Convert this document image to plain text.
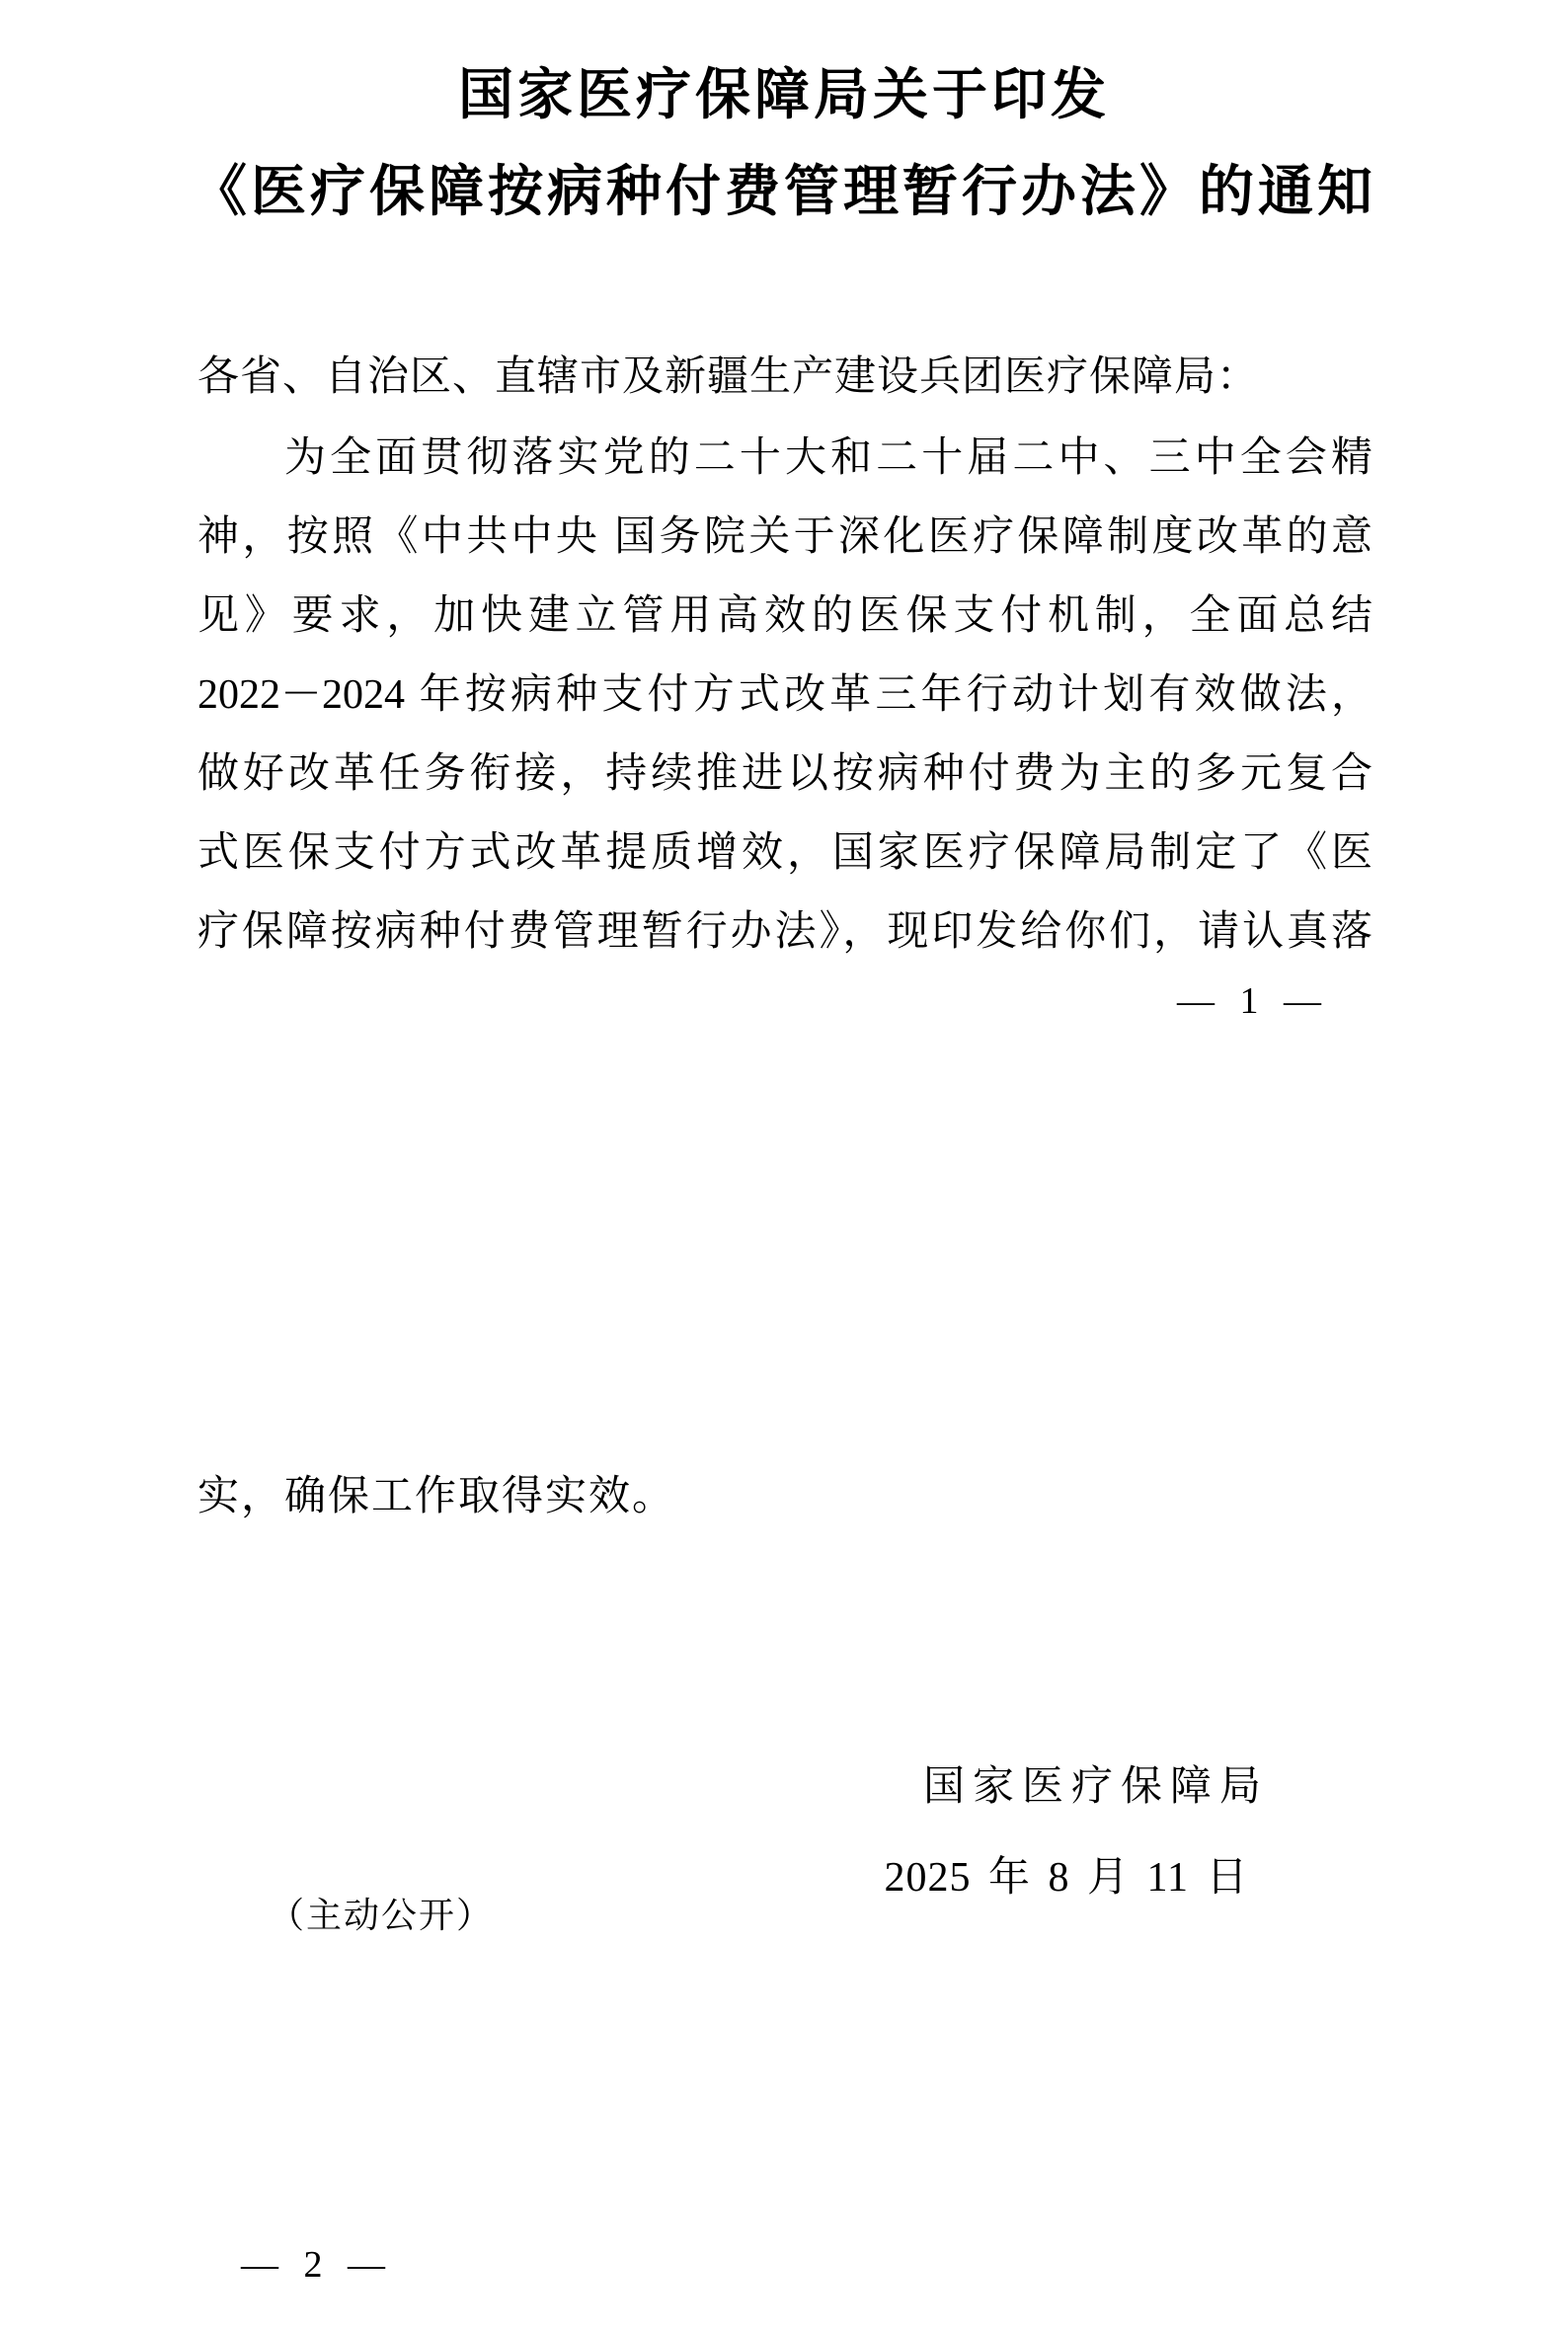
国家医疗保障局关于印发
《医疗保障按病种付费管理暂行办法》的通知
各省、自治区、直辖市及新疆生产建设兵团医疗保障局：
为全面贯彻落实党的二十大和二十届二中、三中全会精
神，按照《中共中央 国务院关于深化医疗保障制度改革的意
见》要求，加快建立管用高效的医保支付机制，全面总结
2022－2024 年按病种支付方式改革三年行动计划有效做法，
做好改革任务衔接，持续推进以按病种付费为主的多元复合
式医保支付方式改革提质增效，国家医疗保障局制定了《医
疗保障按病种付费管理暂行办法》，现印发给你们，请认真落
— 1 —
实，确保工作取得实效。
国家医疗保障局
2025 年 8 月 11 日
（主动公开）
— 2 —
